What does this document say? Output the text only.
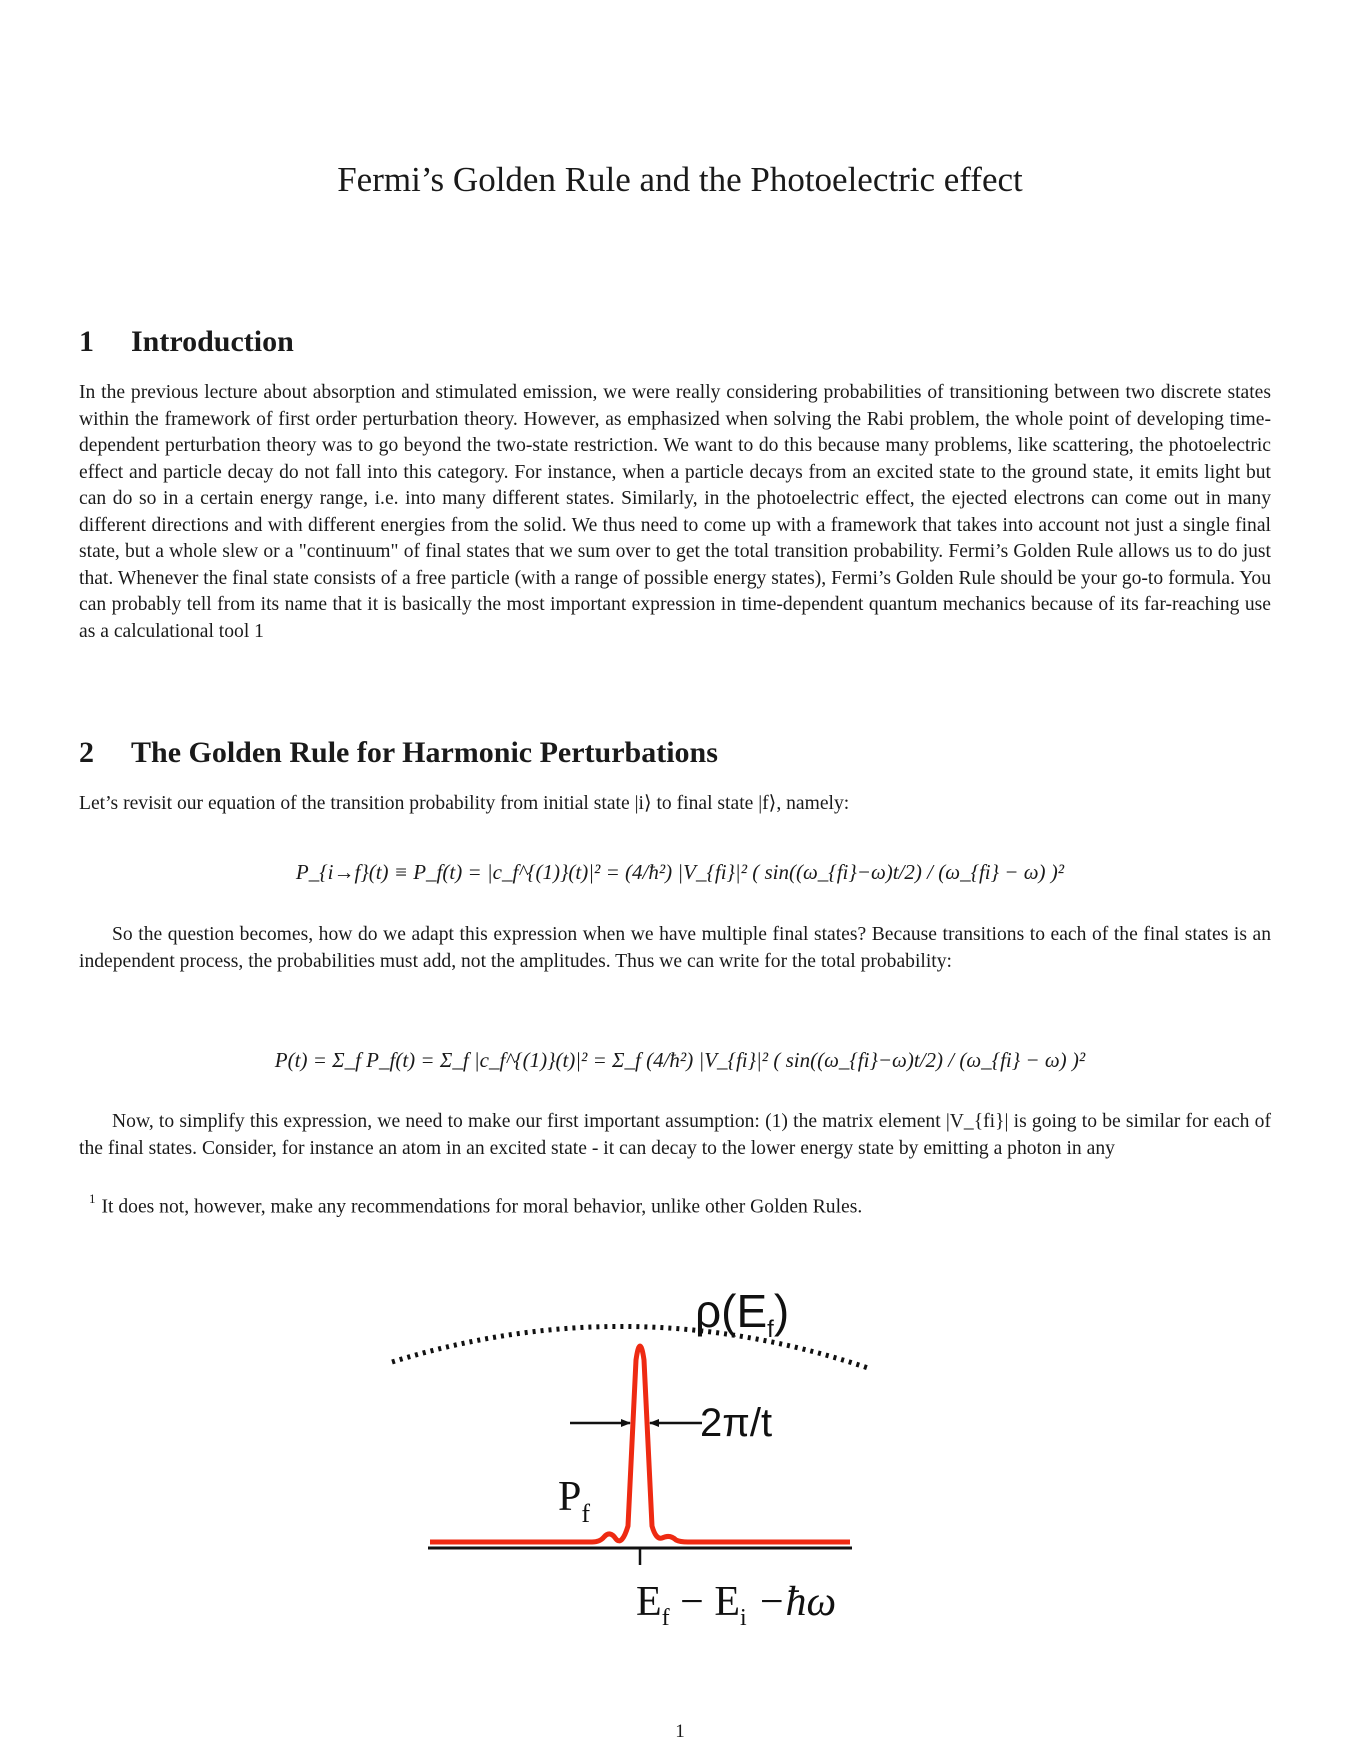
Fermi’s Golden Rule and the Photoelectric effect
1 Introduction

In the previous lecture about absorption and stimulated emission, we were really considering probabilities of transitioning between two discrete states within the framework of first order perturbation theory. However, as emphasized when solving the Rabi problem, the whole point of developing time-dependent perturbation theory was to go beyond the two-state restriction. We want to do this because many problems, like scattering, the photoelectric effect and particle decay do not fall into this category. For instance, when a particle decays from an excited state to the ground state, it emits light but can do so in a certain energy range, i.e. into many different states. Similarly, in the photoelectric effect, the ejected electrons can come out in many different directions and with different energies from the solid. We thus need to come up with a framework that takes into account not just a single final state, but a whole slew or a "continuum" of final states that we sum over to get the total transition probability. Fermi’s Golden Rule allows us to do just that. Whenever the final state consists of a free particle (with a range of possible energy states), Fermi’s Golden Rule should be your go-to formula. You can probably tell from its name that it is basically the most important expression in time-dependent quantum mechanics because of its far-reaching use as a calculational tool 1

2 The Golden Rule for Harmonic Perturbations

Let’s revisit our equation of the transition probability from initial state |i⟩ to final state |f⟩, namely:

P_{i→f}(t) ≡ P_f(t) = |c_f^{(1)}(t)|² = (4/ħ²) |V_{fi}|² ( sin((ω_{fi}−ω)t/2) / (ω_{fi} − ω) )²

So the question becomes, how do we adapt this expression when we have multiple final states? Because transitions to each of the final states is an independent process, the probabilities must add, not the amplitudes. Thus we can write for the total probability:

P(t) = Σ_f P_f(t) = Σ_f |c_f^{(1)}(t)|² = Σ_f (4/ħ²) |V_{fi}|² ( sin((ω_{fi}−ω)t/2) / (ω_{fi} − ω) )²

Now, to simplify this expression, we need to make our first important assumption: (1) the matrix element |V_{fi}| is going to be similar for each of the final states. Consider, for instance an atom in an excited state - it can decay to the lower energy state by emitting a photon in any

$^1$ It does not, however, make any recommendations for moral behavior, unlike other Golden Rules.

$\rho(E_f)$
2π/t
$P_f$
$E_f - E_i$ −ħω
1
